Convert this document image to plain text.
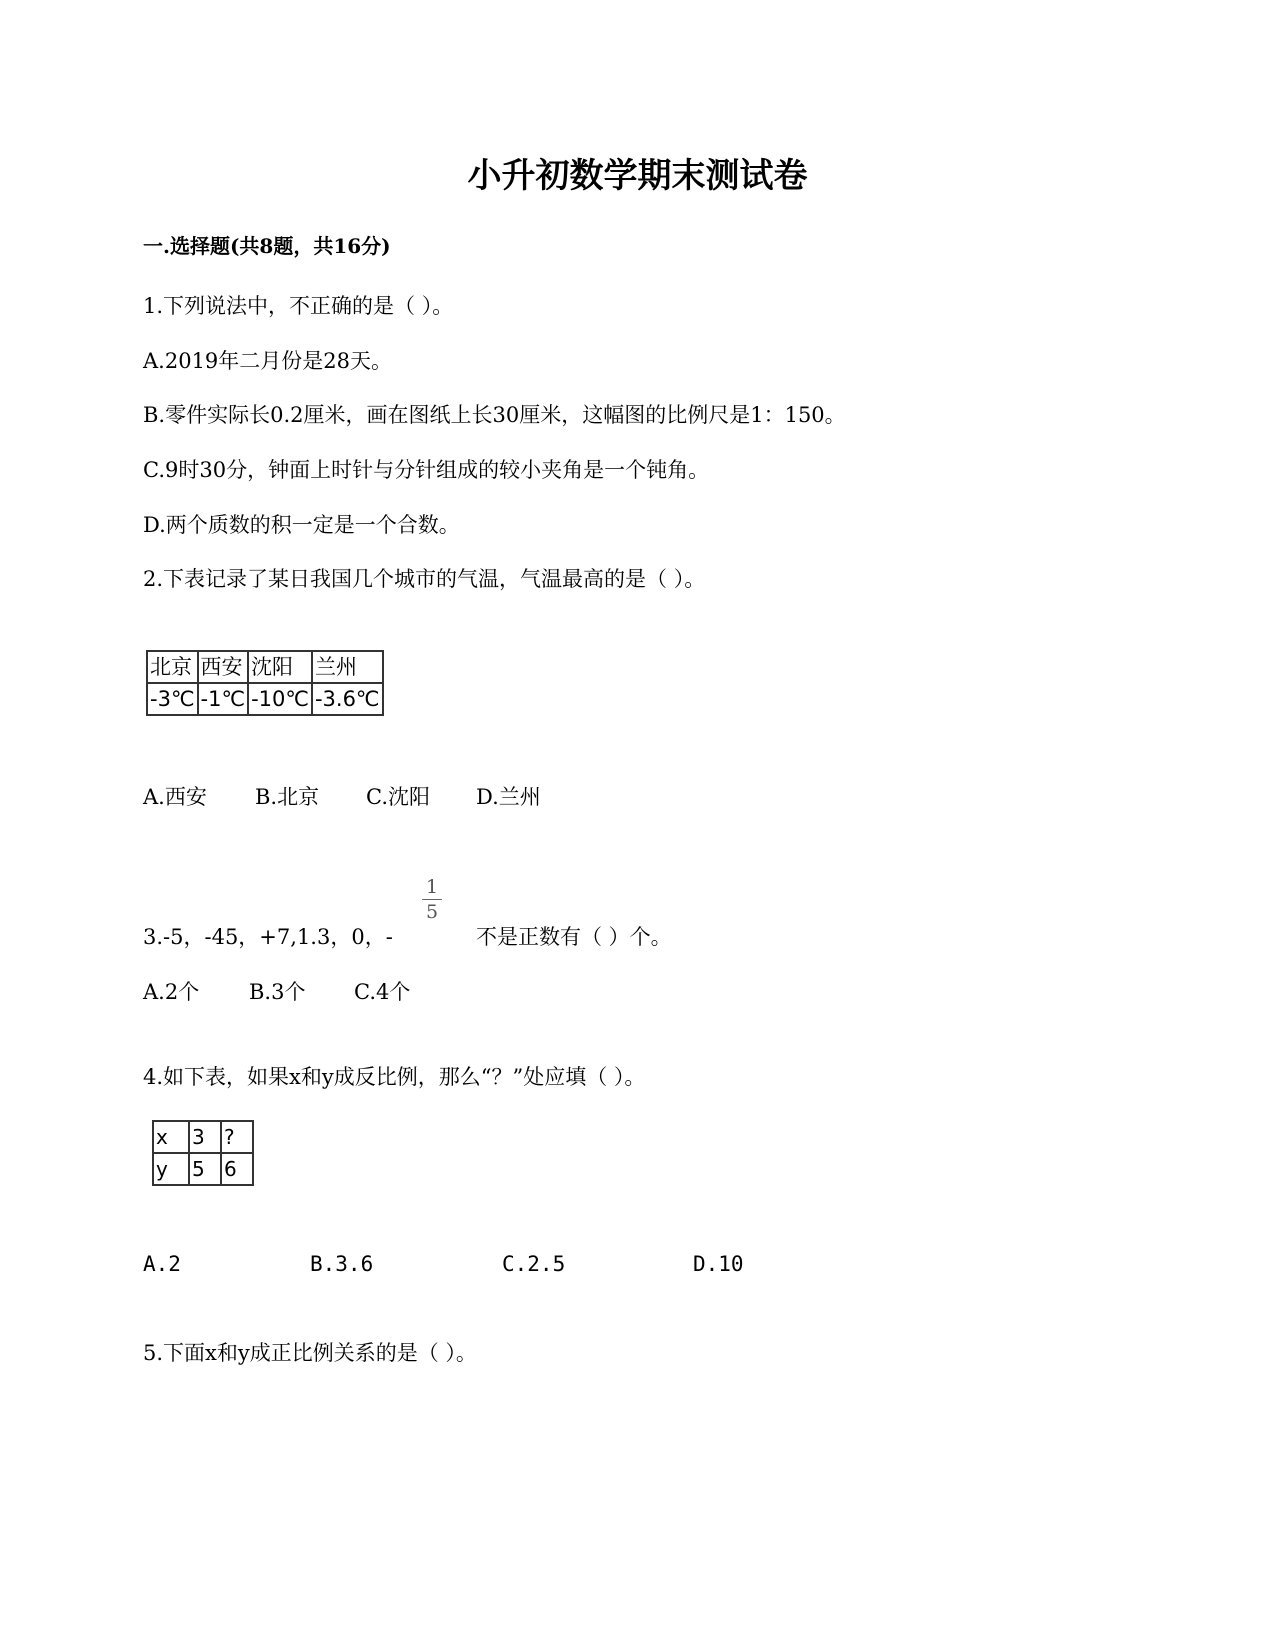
小升初数学期末测试卷
一.选择题(共8题，共16分)
1.下列说法中，不正确的是（ ）。
A.2019年二月份是28天。
B.零件实际长0.2厘米，画在图纸上长30厘米，这幅图的比例尺是1：150。
C.9时30分，钟面上时针与分针组成的较小夹角是一个钝角。
D.两个质数的积一定是一个合数。
2.下表记录了某日我国几个城市的气温，气温最高的是（ ）。
北京	西安	沈阳	兰州
-3℃	-1℃	-10℃	-3.6℃
A.西安 B.北京 C.沈阳 D.兰州
3.-5，-45，+7,1.3，0，-
1
5
不是正数有（ ）个。
A.2个 B.3个 C.4个
4.如下表，如果x和y成反比例，那么“？”处应填（ ）。
x	3	?
y	5	6
A.2	B.3.6	C.2.5	D.10
5.下面x和y成正比例关系的是（ ）。
